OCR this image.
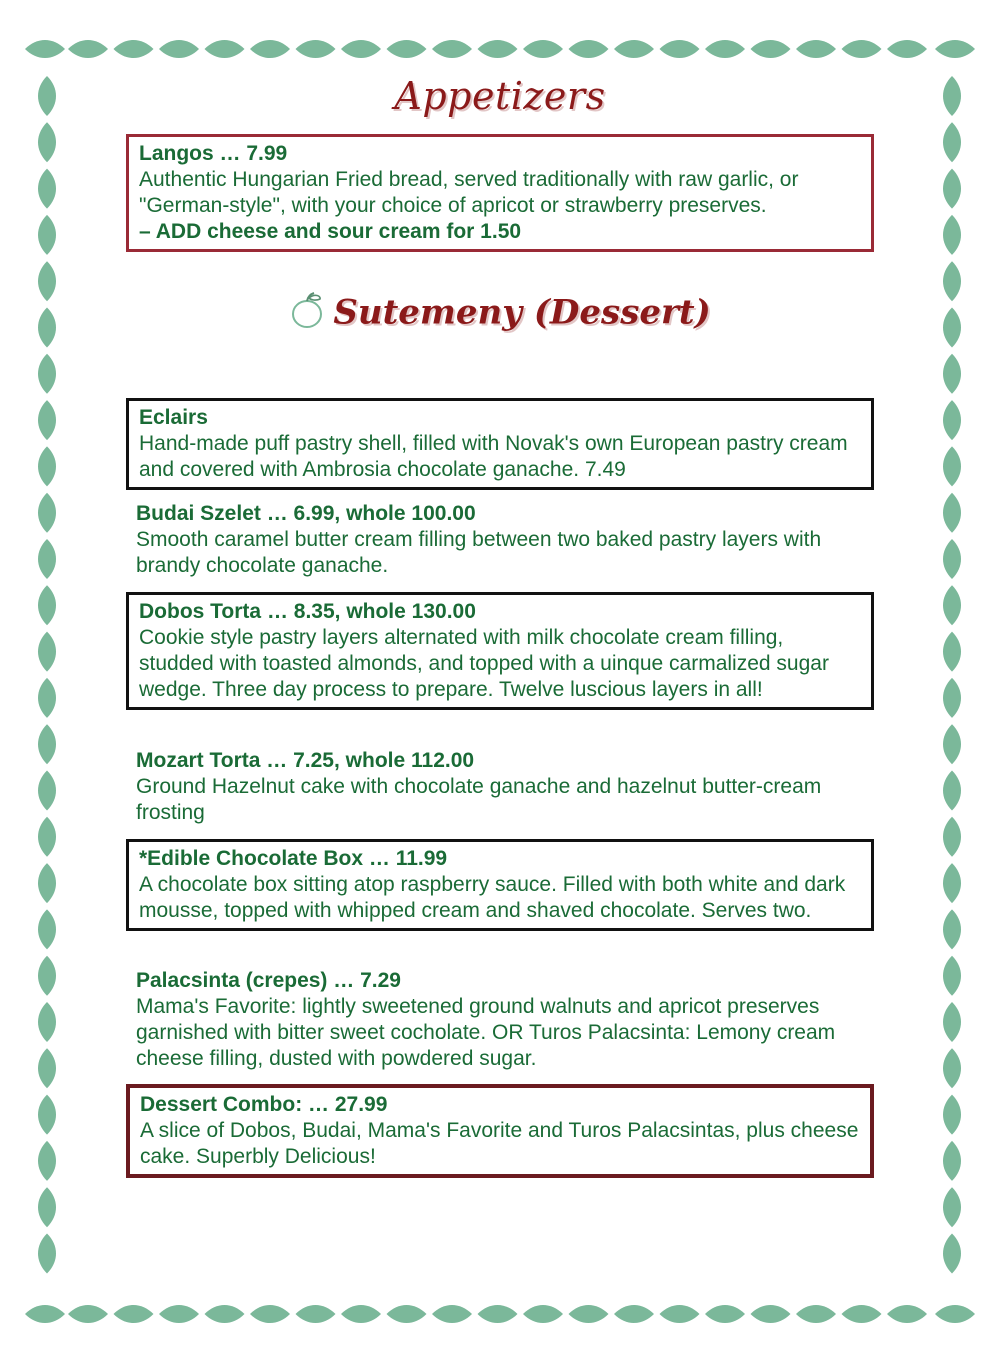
Appetizers
Langos … 7.99
Authentic Hungarian Fried bread, served traditionally with raw garlic, or "German-style", with your choice of apricot or strawberry preserves.
– ADD cheese and sour cream for 1.50
Sutemeny (Dessert)
Eclairs
Hand-made puff pastry shell, filled with Novak's own European pastry cream and covered with Ambrosia chocolate ganache. 7.49
Budai Szelet … 6.99, whole 100.00
Smooth caramel butter cream filling between two baked pastry layers with brandy chocolate ganache.
Dobos Torta … 8.35, whole 130.00
Cookie style pastry layers alternated with milk chocolate cream filling, studded with toasted almonds, and topped with a uinque carmalized sugar wedge. Three day process to prepare. Twelve luscious layers in all!
Mozart Torta … 7.25, whole 112.00
Ground Hazelnut cake with chocolate ganache and hazelnut butter-cream frosting
*Edible Chocolate Box … 11.99
A chocolate box sitting atop raspberry sauce. Filled with both white and dark mousse, topped with whipped cream and shaved chocolate. Serves two.
Palacsinta (crepes) … 7.29
Mama's Favorite: lightly sweetened ground walnuts and apricot preserves garnished with bitter sweet cocholate. OR Turos Palacsinta: Lemony cream cheese filling, dusted with powdered sugar.
Dessert Combo: … 27.99
A slice of Dobos, Budai, Mama's Favorite and Turos Palacsintas, plus cheese cake. Superbly Delicious!
